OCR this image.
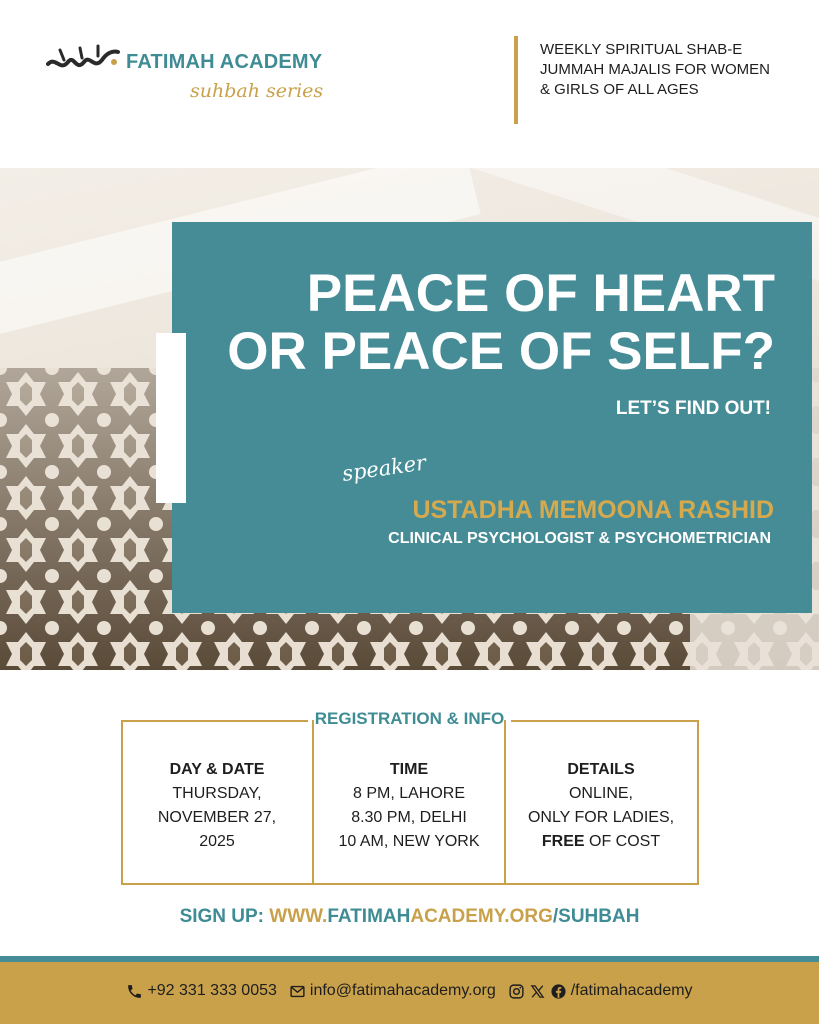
FATIMAH ACADEMY
suhbah series
WEEKLY SPIRITUAL SHAB-E JUMMAH MAJALIS FOR WOMEN & GIRLS OF ALL AGES
PEACE OF HEART
OR PEACE OF SELF?
LET’S FIND OUT!
speaker
USTADHA MEMOONA RASHID
CLINICAL PSYCHOLOGIST & PSYCHOMETRICIAN
REGISTRATION & INFO
DAY & DATE
THURSDAY,
NOVEMBER 27,
2025
TIME
8 PM, LAHORE
8.30 PM, DELHI
10 AM, NEW YORK
DETAILS
ONLINE,
ONLY FOR LADIES,
FREE OF COST
SIGN UP: WWW.FATIMAHACADEMY.ORG/SUHBAH
+92 331 333 0053 info@fatimahacademy.org	/fatimahacademy
